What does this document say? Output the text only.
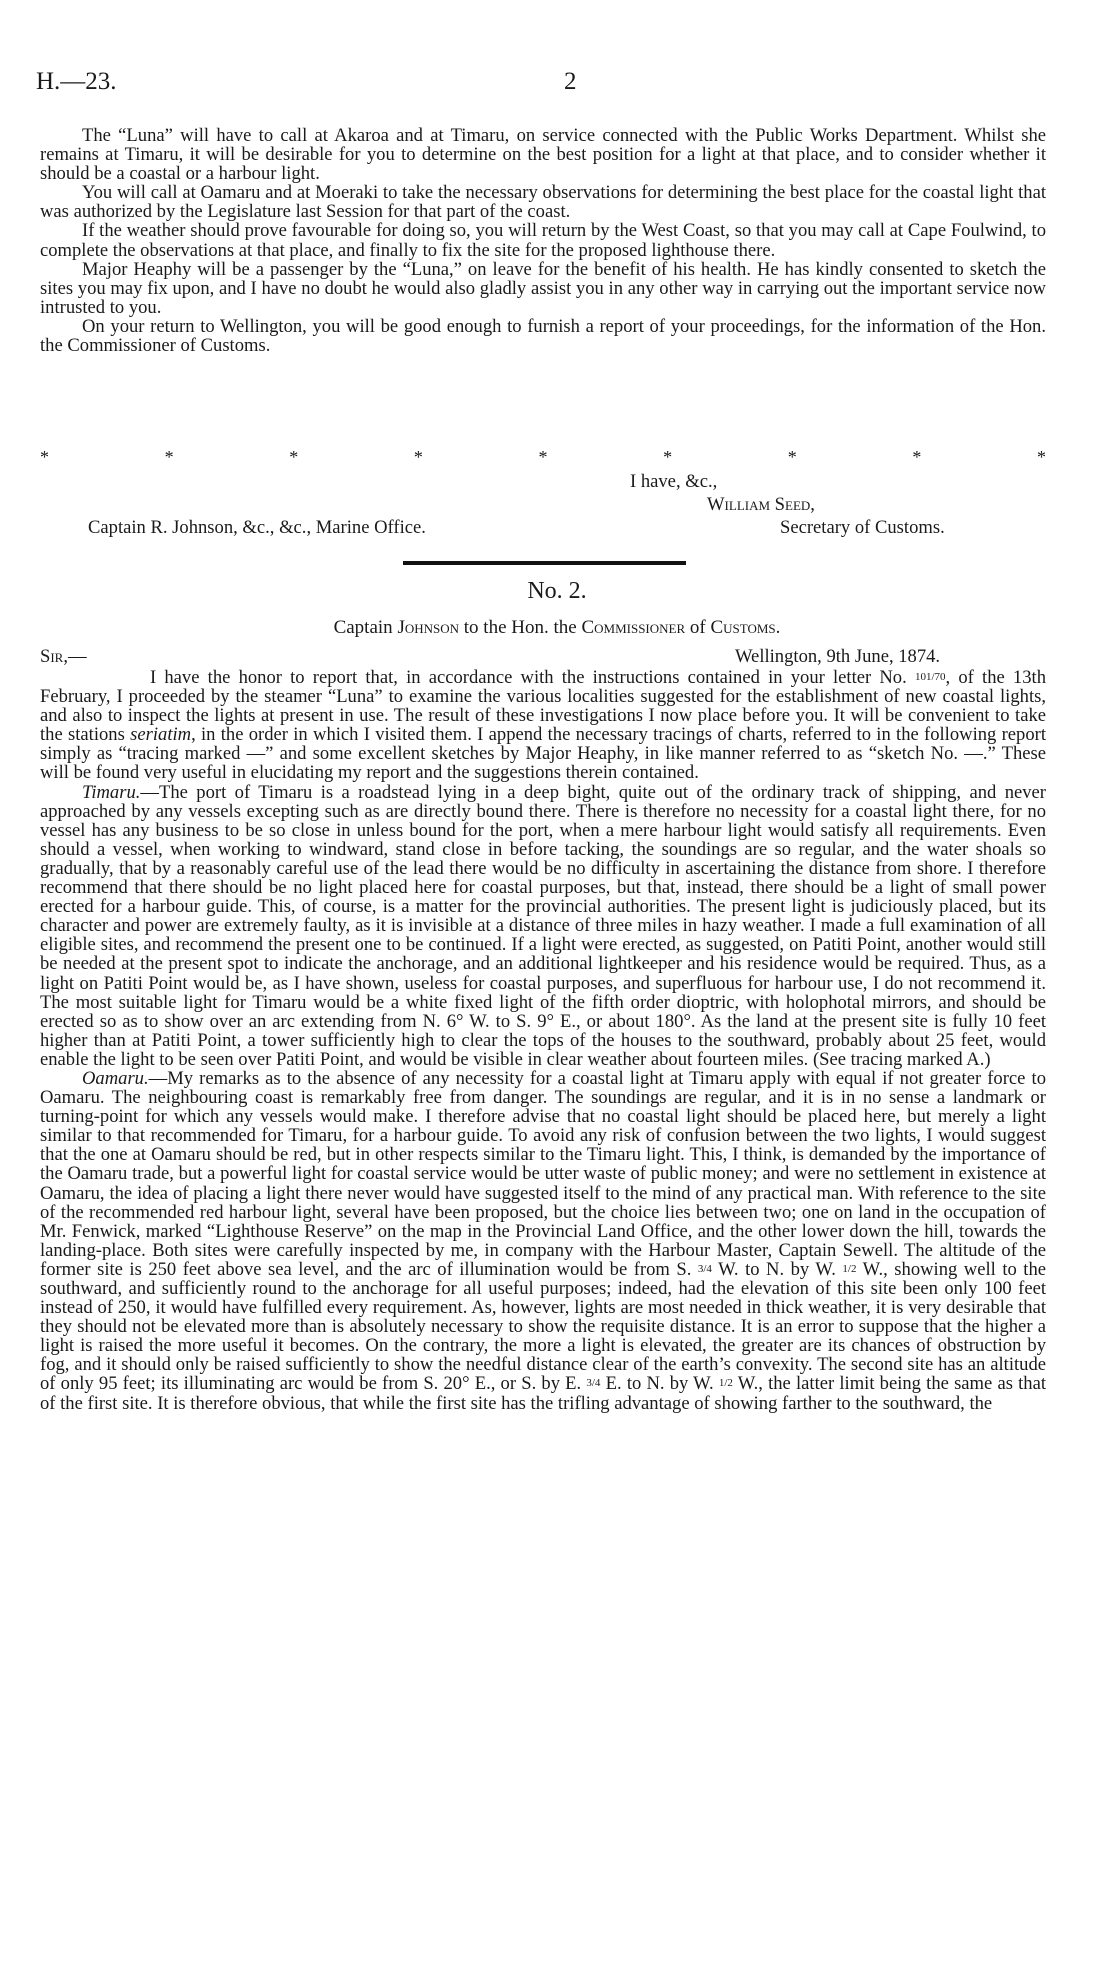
H.—23.	2

The “Luna” will have to call at Akaroa and at Timaru, on service connected with the Public Works Department. Whilst she remains at Timaru, it will be desirable for you to determine on the best position for a light at that place, and to consider whether it should be a coastal or a harbour light.

You will call at Oamaru and at Moeraki to take the necessary observations for determining the best place for the coastal light that was authorized by the Legislature last Session for that part of the coast.

If the weather should prove favourable for doing so, you will return by the West Coast, so that you may call at Cape Foulwind, to complete the observations at that place, and finally to fix the site for the proposed lighthouse there.

Major Heaphy will be a passenger by the “Luna,” on leave for the benefit of his health. He has kindly consented to sketch the sites you may fix upon, and I have no doubt he would also gladly assist you in any other way in carrying out the important service now intrusted to you.

On your return to Wellington, you will be good enough to furnish a report of your proceedings, for the information of the Hon. the Commissioner of Customs.

*	*	*	*	*	*	*	*	*
I have, &c.,
William Seed,
Captain R. Johnson, &c., &c., Marine Office.	Secretary of Customs.
No. 2.
Captain Johnson to the Hon. the Commissioner of Customs.
Sir,—	Wellington, 9th June, 1874.

I have the honor to report that, in accordance with the instructions contained in your letter No. 101/70, of the 13th February, I proceeded by the steamer “Luna” to examine the various localities suggested for the establishment of new coastal lights, and also to inspect the lights at present in use. The result of these investigations I now place before you. It will be convenient to take the stations seriatim, in the order in which I visited them. I append the necessary tracings of charts, referred to in the following report simply as “tracing marked —” and some excellent sketches by Major Heaphy, in like manner referred to as “sketch No. —.” These will be found very useful in elucidating my report and the suggestions therein contained.

Timaru.—The port of Timaru is a roadstead lying in a deep bight, quite out of the ordinary track of shipping, and never approached by any vessels excepting such as are directly bound there. There is therefore no necessity for a coastal light there, for no vessel has any business to be so close in unless bound for the port, when a mere harbour light would satisfy all requirements. Even should a vessel, when working to windward, stand close in before tacking, the soundings are so regular, and the water shoals so gradually, that by a reasonably careful use of the lead there would be no difficulty in ascertaining the distance from shore. I therefore recommend that there should be no light placed here for coastal purposes, but that, instead, there should be a light of small power erected for a harbour guide. This, of course, is a matter for the provincial authorities. The present light is judiciously placed, but its character and power are extremely faulty, as it is invisible at a distance of three miles in hazy weather. I made a full examination of all eligible sites, and recommend the present one to be continued. If a light were erected, as suggested, on Patiti Point, another would still be needed at the present spot to indicate the anchorage, and an additional lightkeeper and his residence would be required. Thus, as a light on Patiti Point would be, as I have shown, useless for coastal purposes, and superfluous for harbour use, I do not recommend it. The most suitable light for Timaru would be a white fixed light of the fifth order dioptric, with holophotal mirrors, and should be erected so as to show over an arc extending from N. 6° W. to S. 9° E., or about 180°. As the land at the present site is fully 10 feet higher than at Patiti Point, a tower sufficiently high to clear the tops of the houses to the southward, probably about 25 feet, would enable the light to be seen over Patiti Point, and would be visible in clear weather about fourteen miles. (See tracing marked A.)

Oamaru.—My remarks as to the absence of any necessity for a coastal light at Timaru apply with equal if not greater force to Oamaru. The neighbouring coast is remarkably free from danger. The soundings are regular, and it is in no sense a landmark or turning-point for which any vessels would make. I therefore advise that no coastal light should be placed here, but merely a light similar to that recommended for Timaru, for a harbour guide. To avoid any risk of confusion between the two lights, I would suggest that the one at Oamaru should be red, but in other respects similar to the Timaru light. This, I think, is demanded by the importance of the Oamaru trade, but a powerful light for coastal service would be utter waste of public money; and were no settlement in existence at Oamaru, the idea of placing a light there never would have suggested itself to the mind of any practical man. With reference to the site of the recommended red harbour light, several have been proposed, but the choice lies between two; one on land in the occupation of Mr. Fenwick, marked “Lighthouse Reserve” on the map in the Provincial Land Office, and the other lower down the hill, towards the landing-place. Both sites were carefully inspected by me, in company with the Harbour Master, Captain Sewell. The altitude of the former site is 250 feet above sea level, and the arc of illumination would be from S. 3/4 W. to N. by W. 1/2 W., showing well to the southward, and sufficiently round to the anchorage for all useful purposes; indeed, had the elevation of this site been only 100 feet instead of 250, it would have fulfilled every requirement. As, however, lights are most needed in thick weather, it is very desirable that they should not be elevated more than is absolutely necessary to show the requisite distance. It is an error to suppose that the higher a light is raised the more useful it becomes. On the contrary, the more a light is elevated, the greater are its chances of obstruction by fog, and it should only be raised sufficiently to show the needful distance clear of the earth’s convexity. The second site has an altitude of only 95 feet; its illuminating arc would be from S. 20° E., or S. by E. 3/4 E. to N. by W. 1/2 W., the latter limit being the same as that of the first site. It is therefore obvious, that while the first site has the trifling advantage of showing farther to the southward, the
